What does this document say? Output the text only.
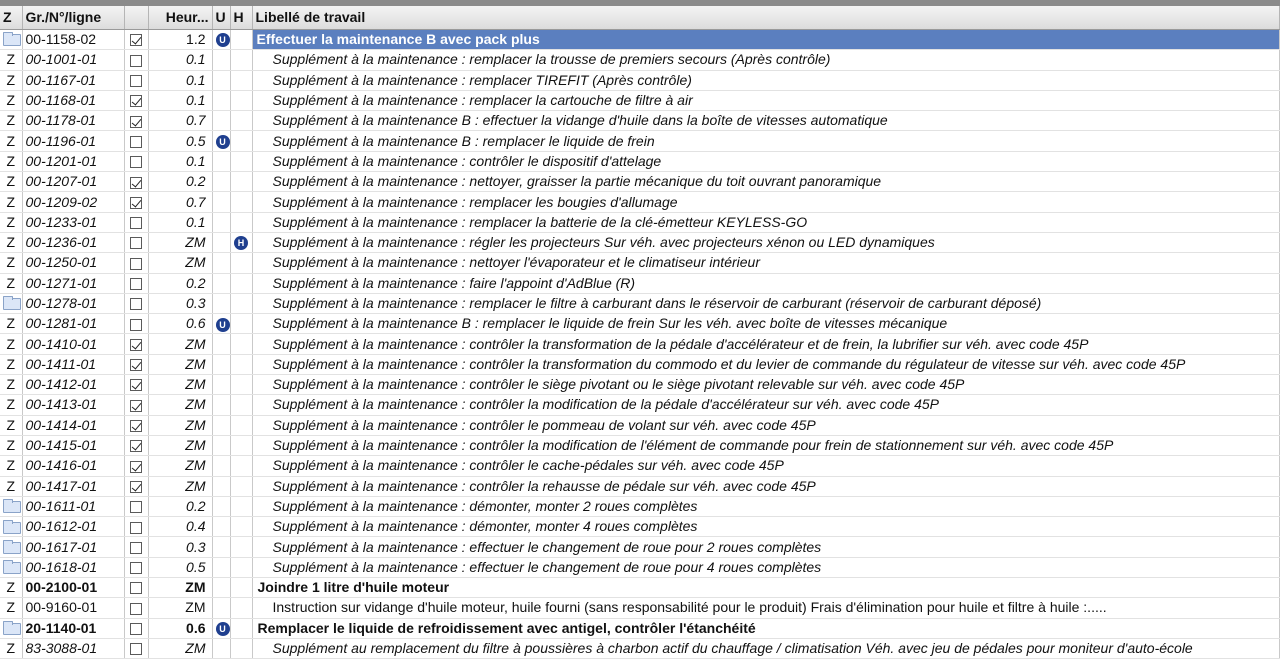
Z	Gr./N°/ligne		Heur...	U	H	Libellé de travail
	00-1158-02		1.2	U		Effectuer la maintenance B avec pack plus
Z	00-1001-01		0.1			Supplément à la maintenance : remplacer la trousse de premiers secours (Après contrôle)
Z	00-1167-01		0.1			Supplément à la maintenance : remplacer TIREFIT (Après contrôle)
Z	00-1168-01		0.1			Supplément à la maintenance : remplacer la cartouche de filtre à air
Z	00-1178-01		0.7			Supplément à la maintenance B : effectuer la vidange d'huile dans la boîte de vitesses automatique
Z	00-1196-01		0.5	U		Supplément à la maintenance B : remplacer le liquide de frein
Z	00-1201-01		0.1			Supplément à la maintenance : contrôler le dispositif d'attelage
Z	00-1207-01		0.2			Supplément à la maintenance : nettoyer, graisser la partie mécanique du toit ouvrant panoramique
Z	00-1209-02		0.7			Supplément à la maintenance : remplacer les bougies d'allumage
Z	00-1233-01		0.1			Supplément à la maintenance : remplacer la batterie de la clé-émetteur KEYLESS-GO
Z	00-1236-01		ZM		H	Supplément à la maintenance : régler les projecteurs Sur véh. avec projecteurs xénon ou LED dynamiques
Z	00-1250-01		ZM			Supplément à la maintenance : nettoyer l'évaporateur et le climatiseur intérieur
Z	00-1271-01		0.2			Supplément à la maintenance : faire l'appoint d'AdBlue (R)
	00-1278-01		0.3			Supplément à la maintenance : remplacer le filtre à carburant dans le réservoir de carburant (réservoir de carburant déposé)
Z	00-1281-01		0.6	U		Supplément à la maintenance B : remplacer le liquide de frein Sur les véh. avec boîte de vitesses mécanique
Z	00-1410-01		ZM			Supplément à la maintenance : contrôler la transformation de la pédale d'accélérateur et de frein, la lubrifier sur véh. avec code 45P
Z	00-1411-01		ZM			Supplément à la maintenance : contrôler la transformation du commodo et du levier de commande du régulateur de vitesse sur véh. avec code 45P
Z	00-1412-01		ZM			Supplément à la maintenance : contrôler le siège pivotant ou le siège pivotant relevable sur véh. avec code 45P
Z	00-1413-01		ZM			Supplément à la maintenance : contrôler la modification de la pédale d'accélérateur sur véh. avec code 45P
Z	00-1414-01		ZM			Supplément à la maintenance : contrôler le pommeau de volant sur véh. avec code 45P
Z	00-1415-01		ZM			Supplément à la maintenance : contrôler la modification de l'élément de commande pour frein de stationnement sur véh. avec code 45P
Z	00-1416-01		ZM			Supplément à la maintenance : contrôler le cache-pédales sur véh. avec code 45P
Z	00-1417-01		ZM			Supplément à la maintenance : contrôler la rehausse de pédale sur véh. avec code 45P
	00-1611-01		0.2			Supplément à la maintenance : démonter, monter 2 roues complètes
	00-1612-01		0.4			Supplément à la maintenance : démonter, monter 4 roues complètes
	00-1617-01		0.3			Supplément à la maintenance : effectuer le changement de roue pour 2 roues complètes
	00-1618-01		0.5			Supplément à la maintenance : effectuer le changement de roue pour 4 roues complètes
Z	00-2100-01		ZM			Joindre 1 litre d'huile moteur
Z	00-9160-01		ZM			Instruction sur vidange d'huile moteur, huile fourni (sans responsabilité pour le produit) Frais d'élimination pour huile et filtre à huile :.....
	20-1140-01		0.6	U		Remplacer le liquide de refroidissement avec antigel, contrôler l'étanchéité
Z	83-3088-01		ZM			Supplément au remplacement du filtre à poussières à charbon actif du chauffage / climatisation Véh. avec jeu de pédales pour moniteur d'auto-école
